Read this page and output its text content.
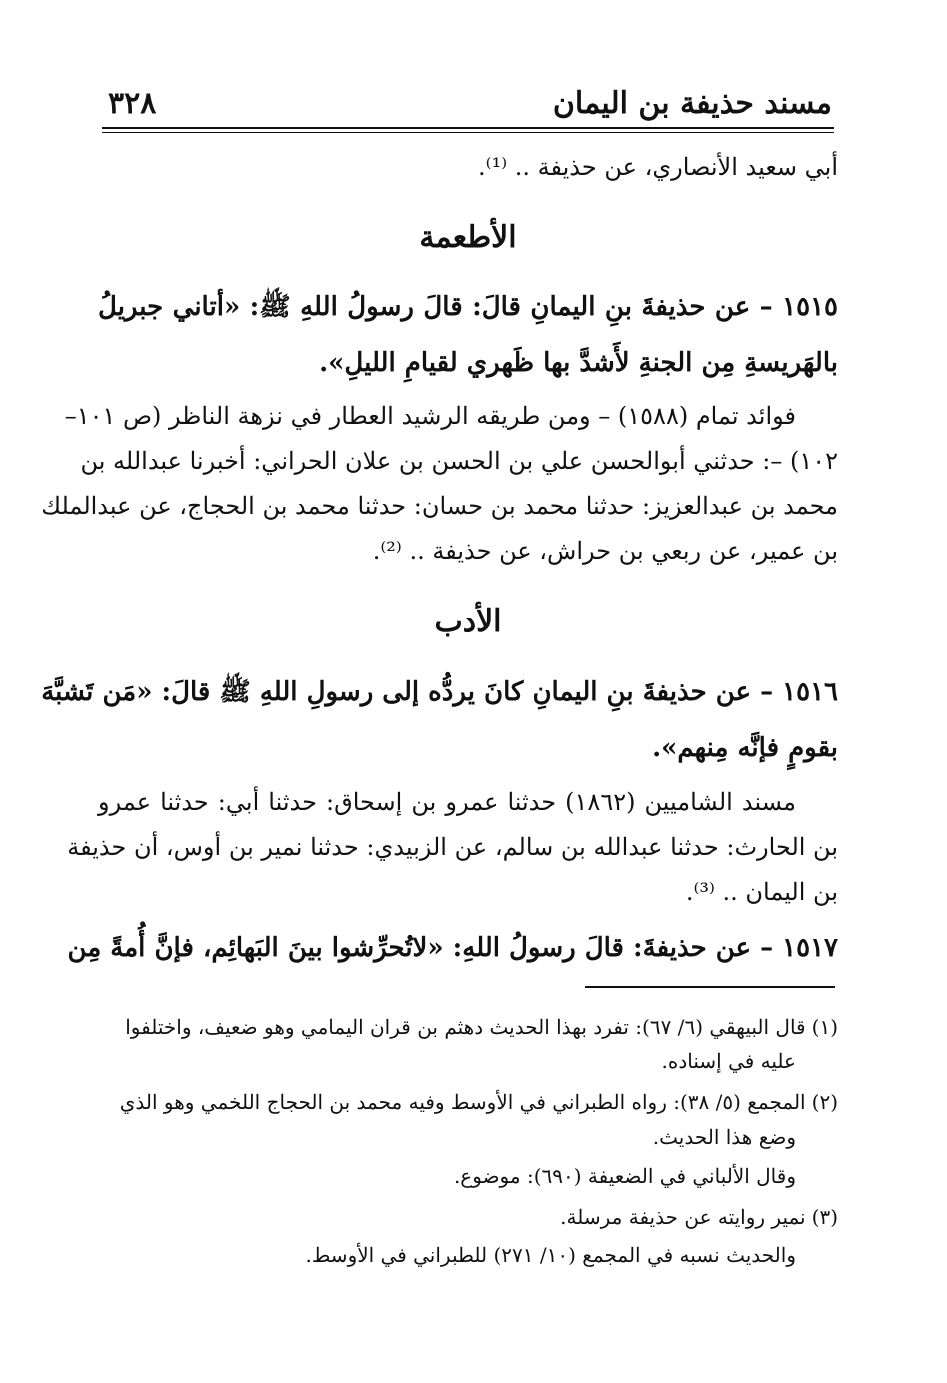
مسند حذيفة بن اليمان
٣٢٨
أبي سعيد الأنصاري، عن حذيفة .. ⁽¹⁾.
الأطعمة
١٥١٥ – عن حذيفةَ بنِ اليمانِ قالَ: قالَ رسولُ اللهِ ﷺ: «أتاني جبريلُ
بالهَريسةِ مِن الجنةِ لأَشدَّ بها ظَهري لقيامِ الليلِ».
فوائد تمام (١٥٨٨) – ومن طريقه الرشيد العطار في نزهة الناظر (ص ١٠١–
١٠٢) –: حدثني أبوالحسن علي بن الحسن بن علان الحراني: أخبرنا عبدالله بن
محمد بن عبدالعزيز: حدثنا محمد بن حسان: حدثنا محمد بن الحجاج، عن عبدالملك
بن عمير، عن ربعي بن حراش، عن حذيفة .. ⁽²⁾.
الأدب
١٥١٦ – عن حذيفةَ بنِ اليمانِ كانَ يردُّه إلى رسولِ اللهِ ﷺ قالَ: «مَن تَشبَّهَ
بقومٍ فإنَّه مِنهم».
مسند الشاميين (١٨٦٢) حدثنا عمرو بن إسحاق: حدثنا أبي: حدثنا عمرو
بن الحارث: حدثنا عبدالله بن سالم، عن الزبيدي: حدثنا نمير بن أوس، أن حذيفة
بن اليمان .. ⁽³⁾.
١٥١٧ – عن حذيفةَ: قالَ رسولُ اللهِ: «لاتُحرِّشوا بينَ البَهائِم، فإنَّ أُمةً مِن
(١)قال البيهقي (٦/ ٦٧): تفرد بهذا الحديث دهثم بن قران اليمامي وهو ضعيف، واختلفوا
عليه في إسناده.
(٢)المجمع (٥/ ٣٨): رواه الطبراني في الأوسط وفيه محمد بن الحجاج اللخمي وهو الذي
وضع هذا الحديث.
وقال الألباني في الضعيفة (٦٩٠): موضوع.
(٣)نمير روايته عن حذيفة مرسلة.
والحديث نسبه في المجمع (١٠/ ٢٧١) للطبراني في الأوسط.
